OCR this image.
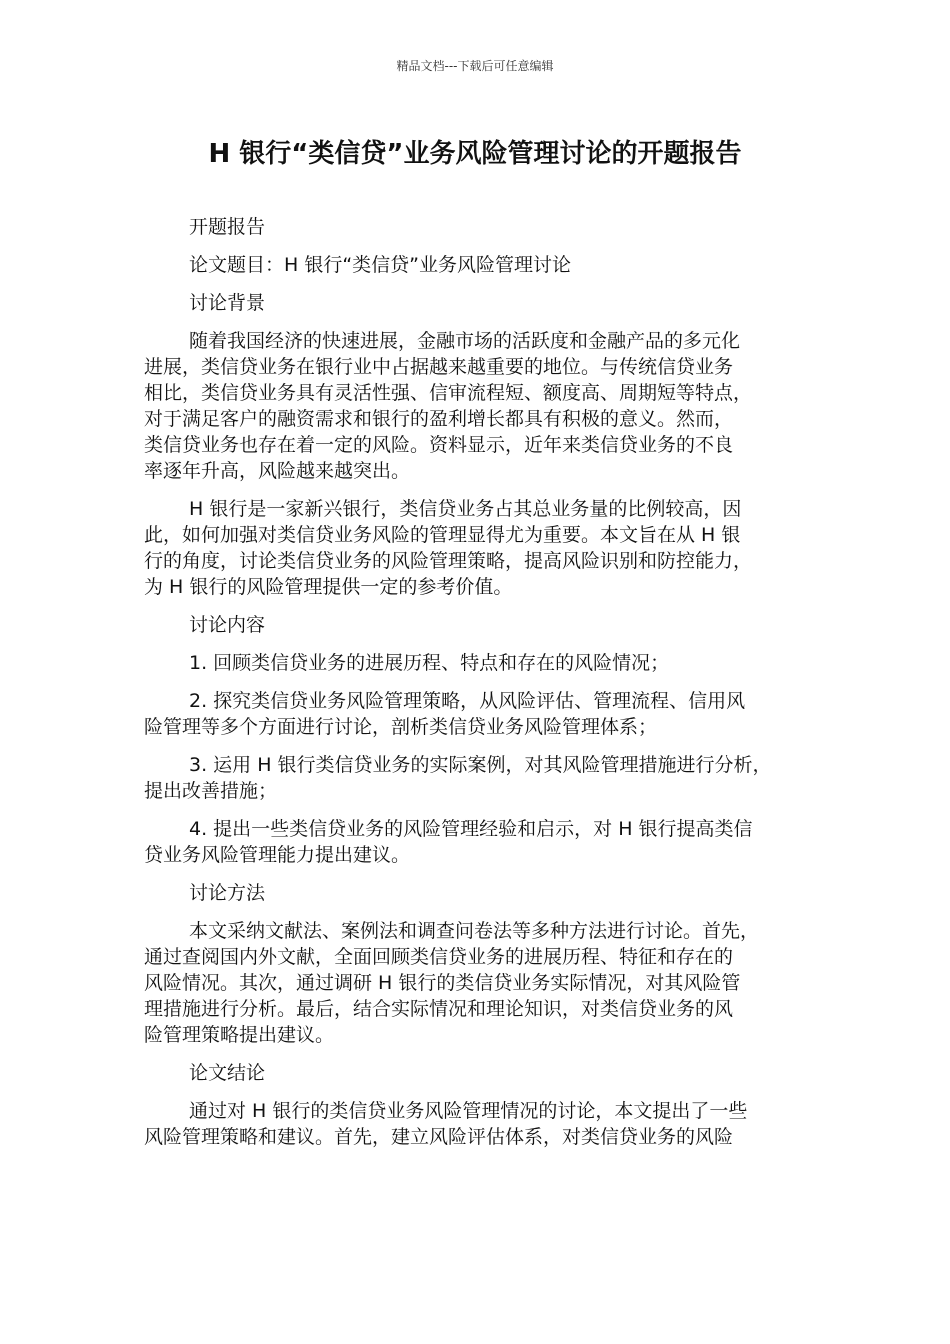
精品文档---下载后可任意编辑
H 银行“类信贷”业务风险管理讨论的开题报告

开题报告

论文题目：H 银行“类信贷”业务风险管理讨论

讨论背景

随着我国经济的快速进展，金融市场的活跃度和金融产品的多元化
进展，类信贷业务在银行业中占据越来越重要的地位。与传统信贷业务
相比，类信贷业务具有灵活性强、信审流程短、额度高、周期短等特点，
对于满足客户的融资需求和银行的盈利增长都具有积极的意义。然而，
类信贷业务也存在着一定的风险。资料显示，近年来类信贷业务的不良
率逐年升高，风险越来越突出。

H 银行是一家新兴银行，类信贷业务占其总业务量的比例较高，因
此，如何加强对类信贷业务风险的管理显得尤为重要。本文旨在从 H 银
行的角度，讨论类信贷业务的风险管理策略，提高风险识别和防控能力，
为 H 银行的风险管理提供一定的参考价值。

讨论内容

1. 回顾类信贷业务的进展历程、特点和存在的风险情况；

2. 探究类信贷业务风险管理策略，从风险评估、管理流程、信用风
险管理等多个方面进行讨论，剖析类信贷业务风险管理体系；

3. 运用 H 银行类信贷业务的实际案例，对其风险管理措施进行分析，
提出改善措施；

4. 提出一些类信贷业务的风险管理经验和启示，对 H 银行提高类信
贷业务风险管理能力提出建议。

讨论方法

本文采纳文献法、案例法和调查问卷法等多种方法进行讨论。首先，
通过查阅国内外文献，全面回顾类信贷业务的进展历程、特征和存在的
风险情况。其次，通过调研 H 银行的类信贷业务实际情况，对其风险管
理措施进行分析。最后，结合实际情况和理论知识，对类信贷业务的风
险管理策略提出建议。

论文结论

通过对 H 银行的类信贷业务风险管理情况的讨论，本文提出了一些
风险管理策略和建议。首先，建立风险评估体系，对类信贷业务的风险
